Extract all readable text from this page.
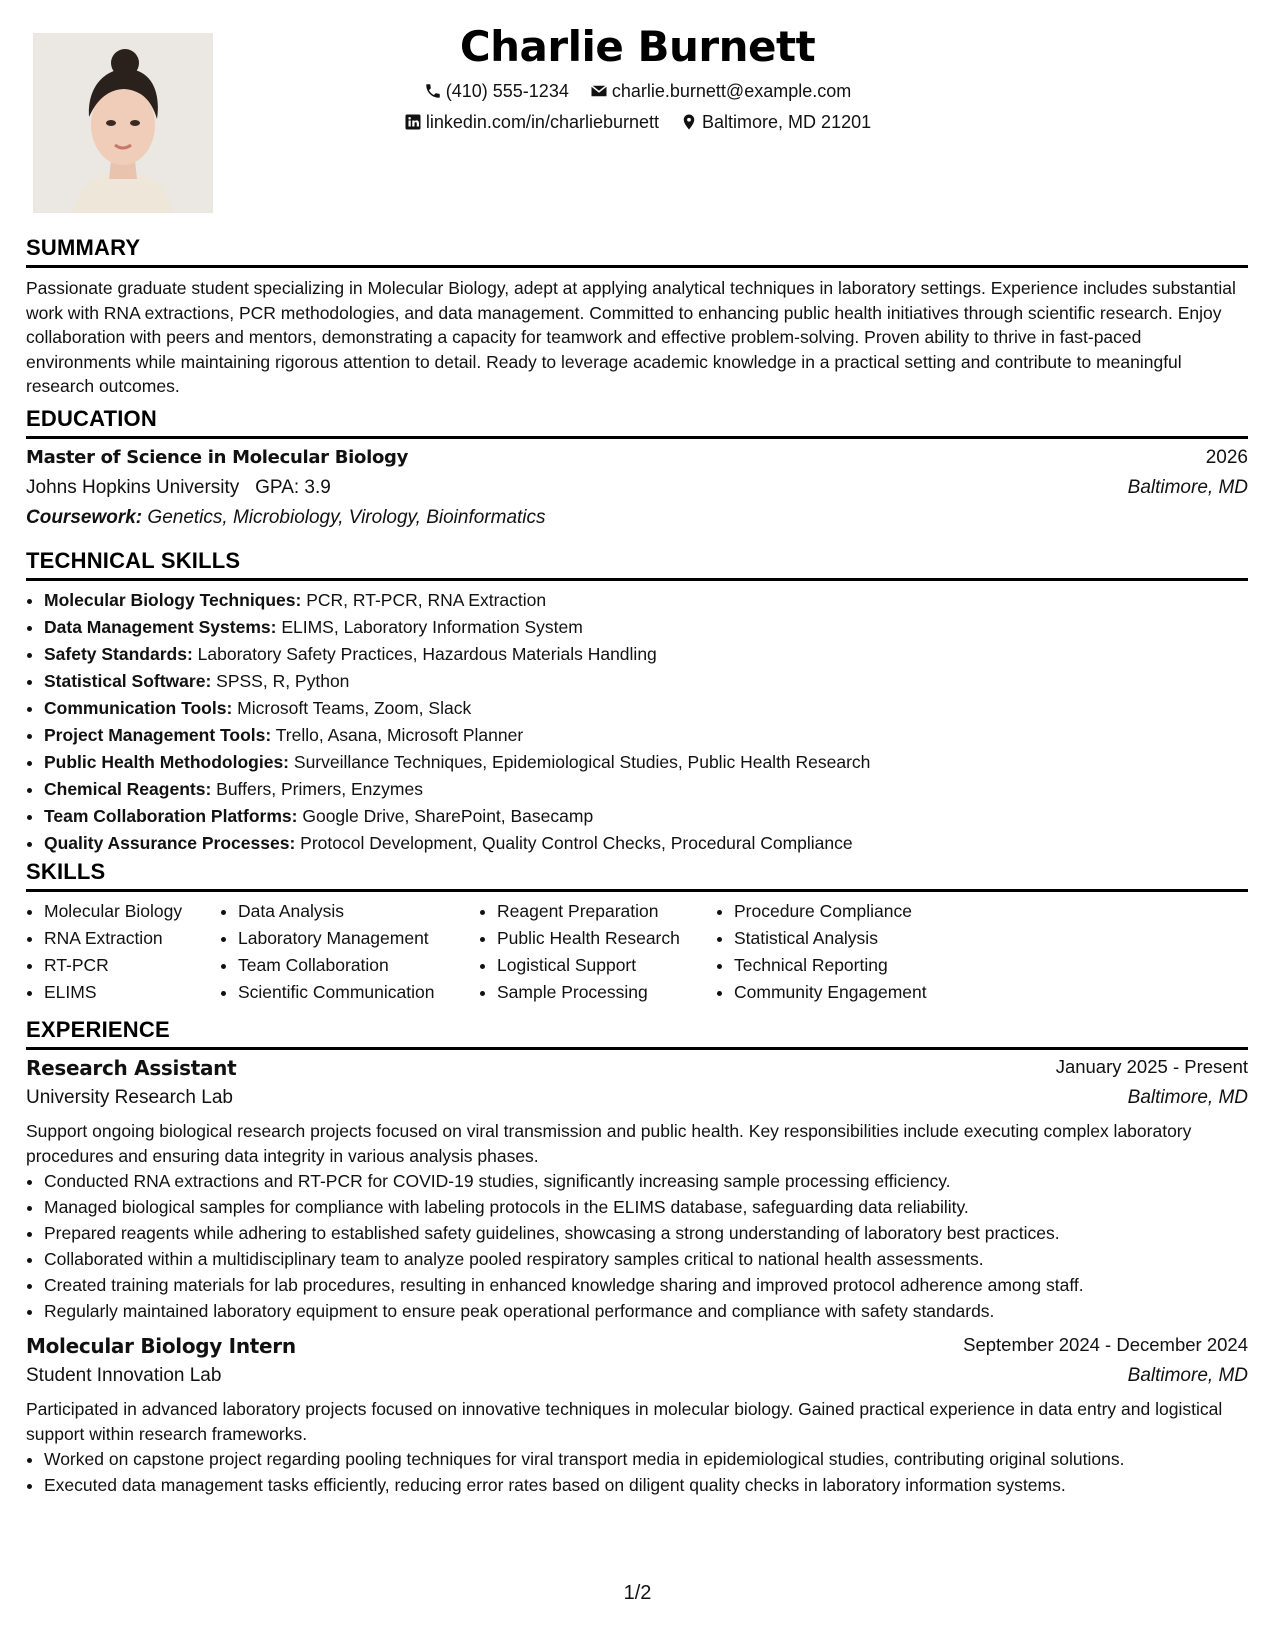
Charlie Burnett
(410) 555-1234 charlie.burnett@example.com
linkedin.com/in/charlieburnett Baltimore, MD 21201
SUMMARY
Passionate graduate student specializing in Molecular Biology, adept at applying analytical techniques in laboratory settings. Experience includes substantial work with RNA extractions, PCR methodologies, and data management. Committed to enhancing public health initiatives through scientific research. Enjoy collaboration with peers and mentors, demonstrating a capacity for teamwork and effective problem-solving. Proven ability to thrive in fast-paced environments while maintaining rigorous attention to detail. Ready to leverage academic knowledge in a practical setting and contribute to meaningful research outcomes.
EDUCATION
Master of Science in Molecular Biology	2026
Johns Hopkins University GPA: 3.9	Baltimore, MD
Coursework: Genetics, Microbiology, Virology, Bioinformatics
TECHNICAL SKILLS
• Molecular Biology Techniques: PCR, RT-PCR, RNA Extraction
• Data Management Systems: ELIMS, Laboratory Information System
• Safety Standards: Laboratory Safety Practices, Hazardous Materials Handling
• Statistical Software: SPSS, R, Python
• Communication Tools: Microsoft Teams, Zoom, Slack
• Project Management Tools: Trello, Asana, Microsoft Planner
• Public Health Methodologies: Surveillance Techniques, Epidemiological Studies, Public Health Research
• Chemical Reagents: Buffers, Primers, Enzymes
• Team Collaboration Platforms: Google Drive, SharePoint, Basecamp
• Quality Assurance Processes: Protocol Development, Quality Control Checks, Procedural Compliance
SKILLS
• Molecular Biology
• RNA Extraction
• RT-PCR
• ELIMS
• Data Analysis
• Laboratory Management
• Team Collaboration
• Scientific Communication
• Reagent Preparation
• Public Health Research
• Logistical Support
• Sample Processing
• Procedure Compliance
• Statistical Analysis
• Technical Reporting
• Community Engagement
EXPERIENCE
Research Assistant	January 2025 - Present
University Research Lab	Baltimore, MD
Support ongoing biological research projects focused on viral transmission and public health. Key responsibilities include executing complex laboratory procedures and ensuring data integrity in various analysis phases.
• Conducted RNA extractions and RT-PCR for COVID-19 studies, significantly increasing sample processing efficiency.
• Managed biological samples for compliance with labeling protocols in the ELIMS database, safeguarding data reliability.
• Prepared reagents while adhering to established safety guidelines, showcasing a strong understanding of laboratory best practices.
• Collaborated within a multidisciplinary team to analyze pooled respiratory samples critical to national health assessments.
• Created training materials for lab procedures, resulting in enhanced knowledge sharing and improved protocol adherence among staff.
• Regularly maintained laboratory equipment to ensure peak operational performance and compliance with safety standards.
Molecular Biology Intern	September 2024 - December 2024
Student Innovation Lab	Baltimore, MD
Participated in advanced laboratory projects focused on innovative techniques in molecular biology. Gained practical experience in data entry and logistical support within research frameworks.
• Worked on capstone project regarding pooling techniques for viral transport media in epidemiological studies, contributing original solutions.
• Executed data management tasks efficiently, reducing error rates based on diligent quality checks in laboratory information systems.
1/2
